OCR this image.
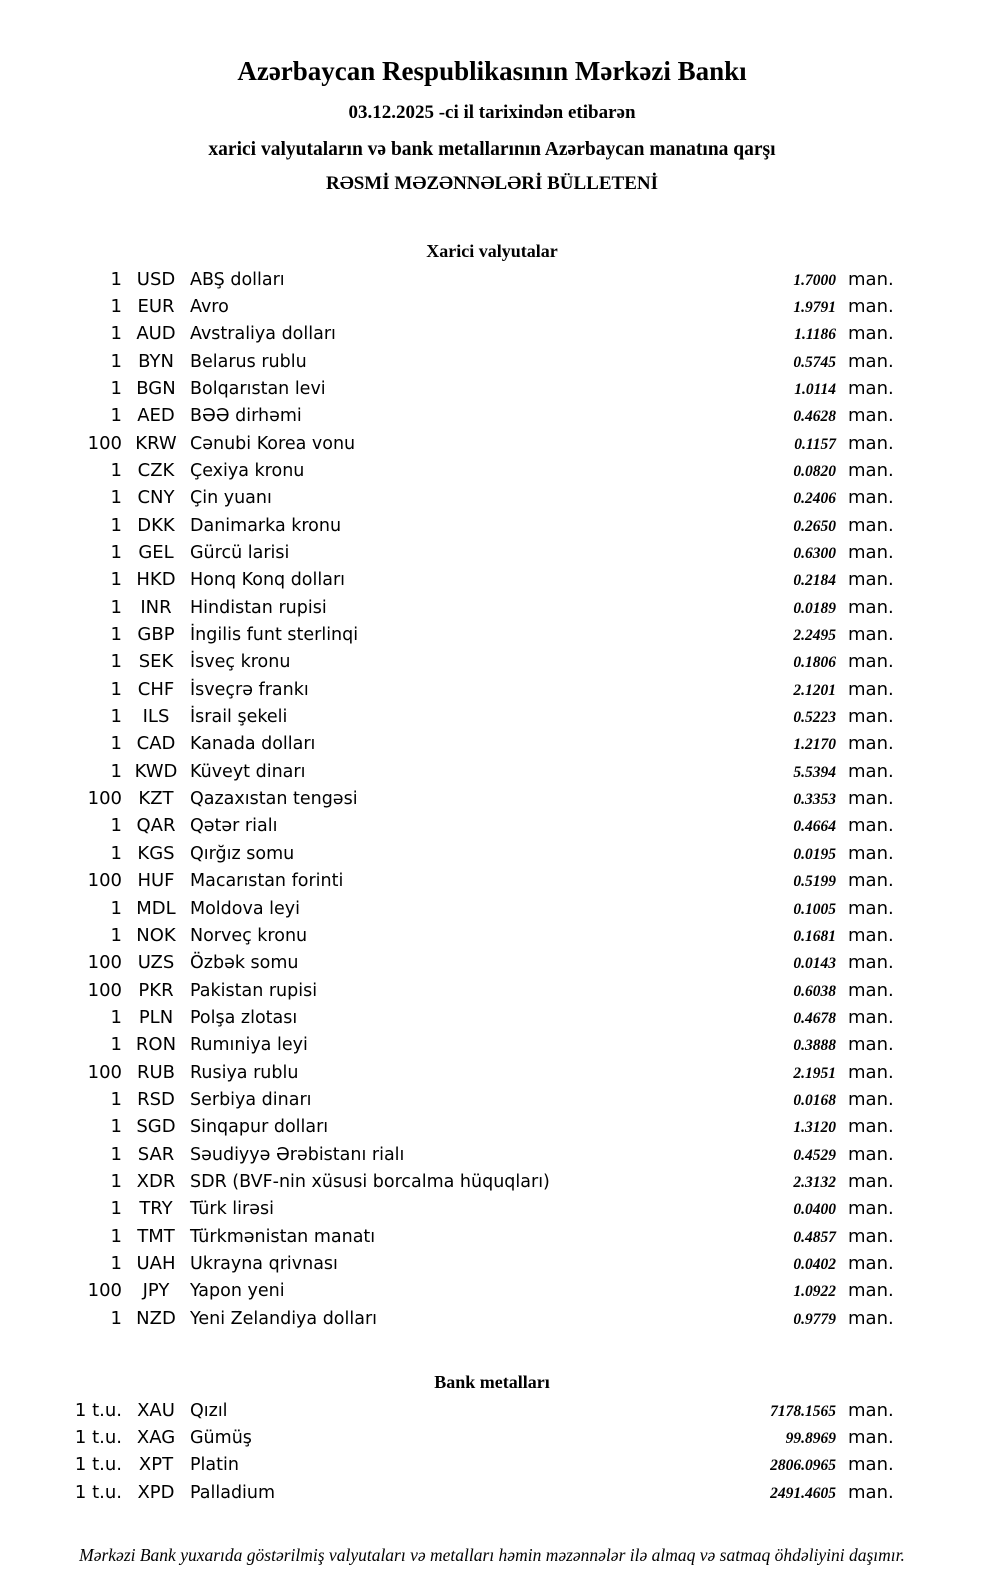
Azərbaycan Respublikasının Mərkəzi Bankı

03.12.2025 -ci il tarixindən etibarən

xarici valyutaların və bank metallarının Azərbaycan manatına qarşı

RƏSMİ MƏZƏNNƏLƏRİ BÜLLETENİ

Xarici valyutalar
1 USD ABŞ dolları	1.7000 man.
1 EUR Avro	1.9791 man.
1 AUD Avstraliya dolları	1.1186 man.
1 BYN Belarus rublu	0.5745 man.
1 BGN Bolqarıstan levi	1.0114 man.
1 AED BƏƏ dirhəmi	0.4628 man.
100 KRW Cənubi Korea vonu	0.1157 man.
1 CZK Çexiya kronu	0.0820 man.
1 CNY Çin yuanı	0.2406 man.
1 DKK Danimarka kronu	0.2650 man.
1 GEL Gürcü larisi	0.6300 man.
1 HKD Honq Konq dolları	0.2184 man.
1	INR	Hindistan rupisi	0.0189 man.
1 GBP İngilis funt sterlinqi	2.2495 man.
1 SEK İsveç kronu	0.1806 man.
1 CHF İsveçrə frankı	2.1201 man.
1	ILS	İsrail şekeli	0.5223 man.
1 CAD Kanada dolları	1.2170 man.
1 KWD Küveyt dinarı	5.5394 man.
100 KZT Qazaxıstan tengəsi	0.3353 man.
1 QAR Qətər rialı	0.4664 man.
1 KGS Qırğız somu	0.0195 man.
100 HUF Macarıstan forinti	0.5199 man.
1 MDL Moldova leyi	0.1005 man.
1 NOK Norveç kronu	0.1681 man.
100 UZS Özbək somu	0.0143 man.
100 PKR Pakistan rupisi	0.6038 man.
1 PLN Polşa zlotası	0.4678 man.
1 RON Rumıniya leyi	0.3888 man.
100 RUB Rusiya rublu	2.1951 man.
1 RSD Serbiya dinarı	0.0168 man.
1 SGD Sinqapur dolları	1.3120 man.
1 SAR Səudiyyə Ərəbistanı rialı	0.4529 man.
1 XDR SDR (BVF-nin xüsusi borcalma hüquqları)	2.3132 man.
1 TRY Türk lirəsi	0.0400 man.
1 TMT Türkmənistan manatı	0.4857 man.
1 UAH Ukrayna qrivnası	0.0402 man.
100	JPY	Yapon yeni	1.0922 man.
1 NZD Yeni Zelandiya dolları	0.9779 man.
Bank metalları
1 t.u. XAU Qızıl	7178.1565 man.
1 t.u. XAG Gümüş	99.8969 man.
1 t.u. XPT Platin	2806.0965 man.
1 t.u. XPD Palladium	2491.4605 man.

Mərkəzi Bank yuxarıda göstərilmiş valyutaları və metalları həmin məzənnələr ilə almaq və satmaq öhdəliyini daşımır.
